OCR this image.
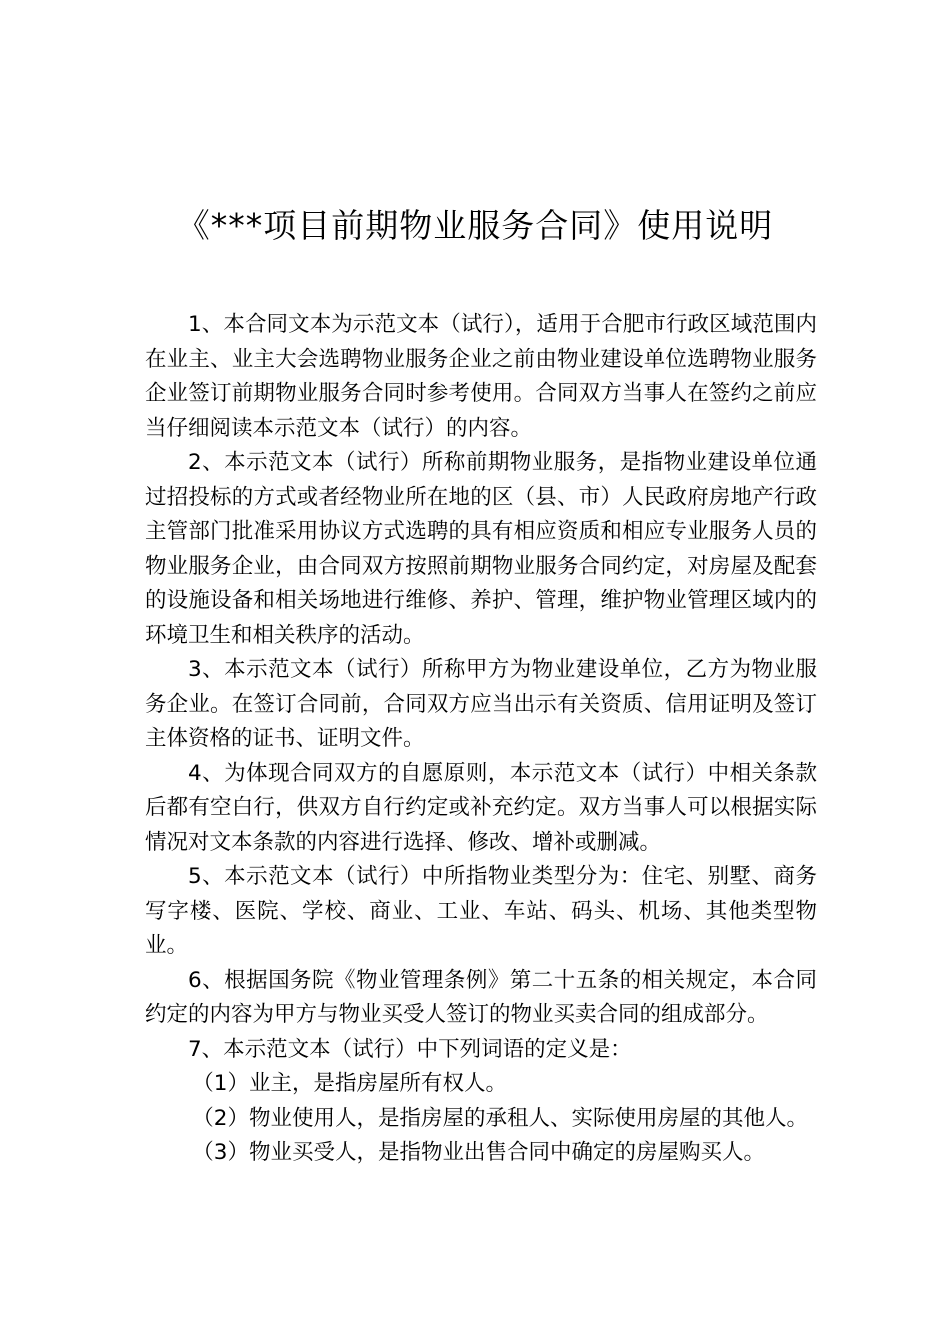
《***项目前期物业服务合同》使用说明

1、本合同文本为示范文本（试行），适用于合肥市行政区域范围内在业主、业主大会选聘物业服务企业之前由物业建设单位选聘物业服务企业签订前期物业服务合同时参考使用。合同双方当事人在签约之前应当仔细阅读本示范文本（试行）的内容。

2、本示范文本（试行）所称前期物业服务，是指物业建设单位通过招投标的方式或者经物业所在地的区（县、市）人民政府房地产行政主管部门批准采用协议方式选聘的具有相应资质和相应专业服务人员的物业服务企业，由合同双方按照前期物业服务合同约定，对房屋及配套的设施设备和相关场地进行维修、养护、管理，维护物业管理区域内的环境卫生和相关秩序的活动。

3、本示范文本（试行）所称甲方为物业建设单位，乙方为物业服务企业。在签订合同前，合同双方应当出示有关资质、信用证明及签订主体资格的证书、证明文件。

4、为体现合同双方的自愿原则，本示范文本（试行）中相关条款后都有空白行，供双方自行约定或补充约定。双方当事人可以根据实际情况对文本条款的内容进行选择、修改、增补或删减。

5、本示范文本（试行）中所指物业类型分为：住宅、别墅、商务写字楼、医院、学校、商业、工业、车站、码头、机场、其他类型物业。

6、根据国务院《物业管理条例》第二十五条的相关规定，本合同约定的内容为甲方与物业买受人签订的物业买卖合同的组成部分。

7、本示范文本（试行）中下列词语的定义是：

（1）业主，是指房屋所有权人。

（2）物业使用人，是指房屋的承租人、实际使用房屋的其他人。

（3）物业买受人，是指物业出售合同中确定的房屋购买人。
